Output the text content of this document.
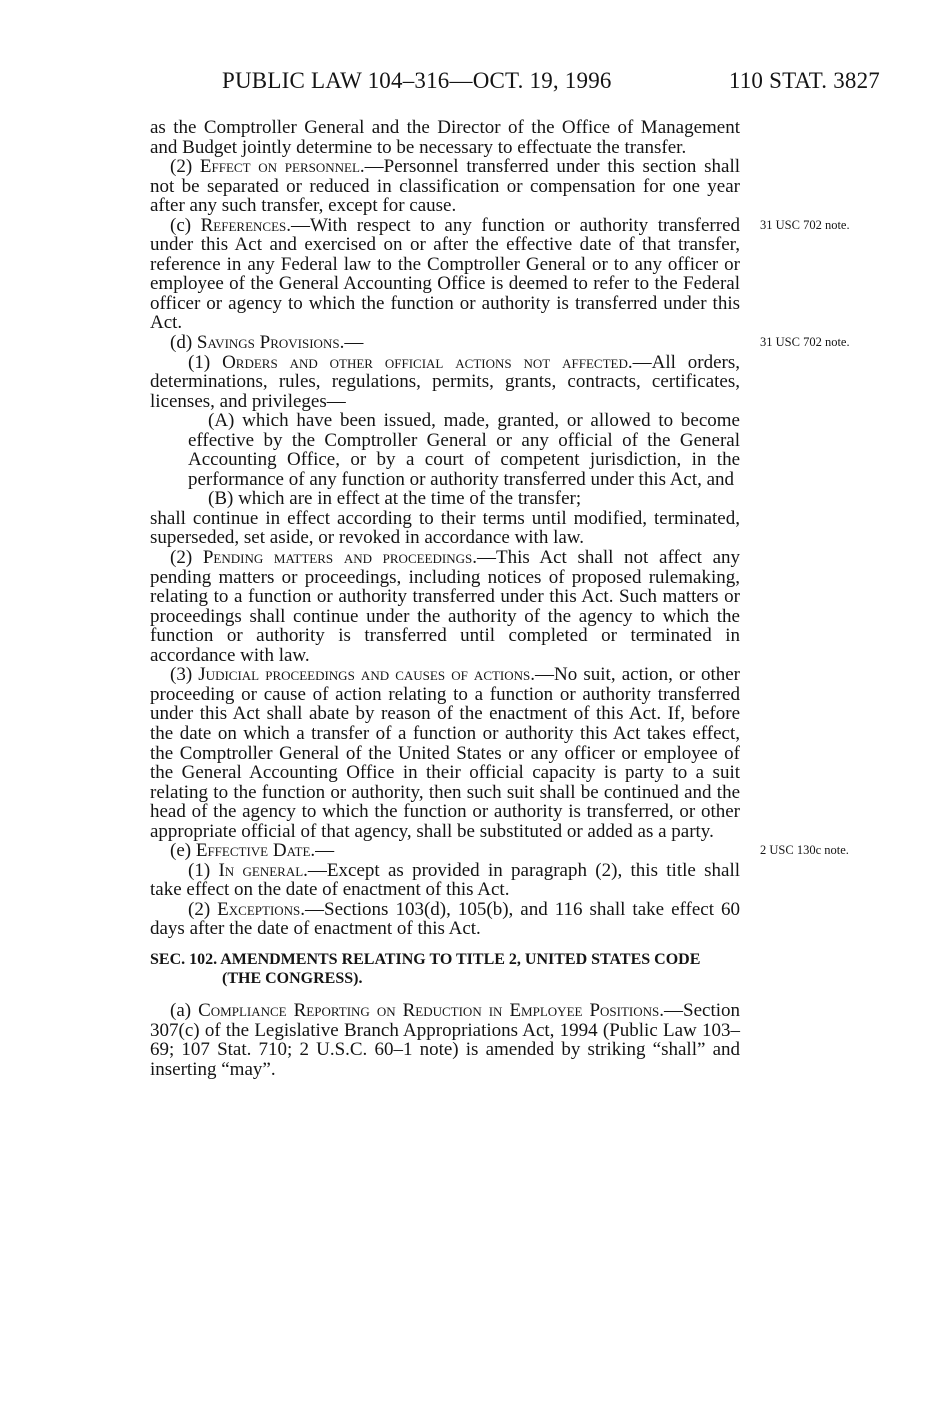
PUBLIC LAW 104–316—OCT. 19, 1996	110 STAT. 3827

as the Comptroller General and the Director of the Office of Management and Budget jointly determine to be necessary to effectuate the transfer.

(2) Effect on personnel.—Personnel transferred under this section shall not be separated or reduced in classification or compensation for one year after any such transfer, except for cause.

31 USC 702 note.
(c) References.—With respect to any function or authority transferred under this Act and exercised on or after the effective date of that transfer, reference in any Federal law to the Comptroller General or to any officer or employee of the General Accounting Office is deemed to refer to the Federal officer or agency to which the function or authority is transferred under this Act.

31 USC 702 note.
(d) Savings Provisions.—

(1) Orders and other official actions not affected.—All orders, determinations, rules, regulations, permits, grants, contracts, certificates, licenses, and privileges—

(A) which have been issued, made, granted, or allowed to become effective by the Comptroller General or any official of the General Accounting Office, or by a court of competent jurisdiction, in the performance of any function or authority transferred under this Act, and

(B) which are in effect at the time of the transfer;

shall continue in effect according to their terms until modified, terminated, superseded, set aside, or revoked in accordance with law.

(2) Pending matters and proceedings.—This Act shall not affect any pending matters or proceedings, including notices of proposed rulemaking, relating to a function or authority transferred under this Act. Such matters or proceedings shall continue under the authority of the agency to which the function or authority is transferred until completed or terminated in accordance with law.

(3) Judicial proceedings and causes of actions.—No suit, action, or other proceeding or cause of action relating to a function or authority transferred under this Act shall abate by reason of the enactment of this Act. If, before the date on which a transfer of a function or authority this Act takes effect, the Comptroller General of the United States or any officer or employee of the General Accounting Office in their official capacity is party to a suit relating to the function or authority, then such suit shall be continued and the head of the agency to which the function or authority is transferred, or other appropriate official of that agency, shall be substituted or added as a party.

2 USC 130c note.
(e) Effective Date.—

(1) In general.—Except as provided in paragraph (2), this title shall take effect on the date of enactment of this Act.

(2) Exceptions.—Sections 103(d), 105(b), and 116 shall take effect 60 days after the date of enactment of this Act.

SEC. 102. AMENDMENTS RELATING TO TITLE 2, UNITED STATES CODE
(THE CONGRESS).

(a) Compliance Reporting on Reduction in Employee Positions.—Section 307(c) of the Legislative Branch Appropriations Act, 1994 (Public Law 103–69; 107 Stat. 710; 2 U.S.C. 60–1 note) is amended by striking “shall” and inserting “may”.
